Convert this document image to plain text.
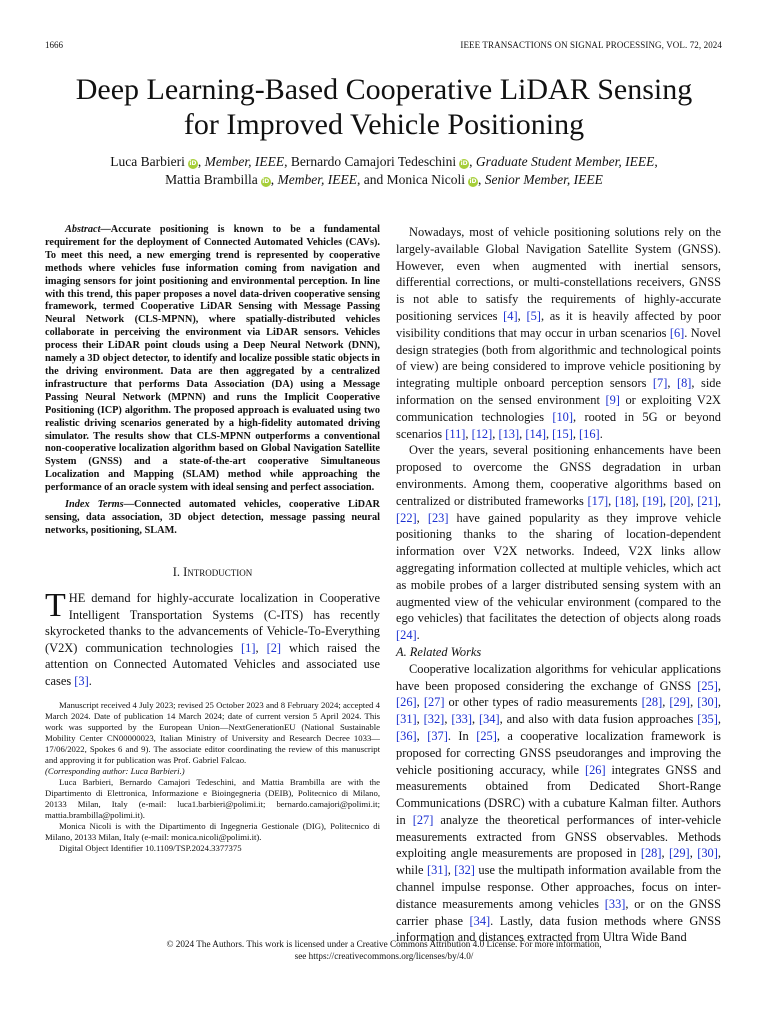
1666	IEEE TRANSACTIONS ON SIGNAL PROCESSING, VOL. 72, 2024
Deep Learning-Based Cooperative LiDAR Sensing
for Improved Vehicle Positioning
Luca Barbieri iD, Member, IEEE, Bernardo Camajori Tedeschini iD, Graduate Student Member, IEEE,
Mattia Brambilla iD, Member, IEEE, and Monica Nicoli iD, Senior Member, IEEE

Abstract—Accurate positioning is known to be a fundamental requirement for the deployment of Connected Automated Vehicles (CAVs). To meet this need, a new emerging trend is represented by cooperative methods where vehicles fuse information coming from navigation and imaging sensors for joint positioning and environmental perception. In line with this trend, this paper proposes a novel data-driven cooperative sensing framework, termed Cooperative LiDAR Sensing with Message Passing Neural Network (CLS-MPNN), where spatially-distributed vehicles collaborate in perceiving the environment via LiDAR sensors. Vehicles process their LiDAR point clouds using a Deep Neural Network (DNN), namely a 3D object detector, to identify and localize possible static objects in the driving environment. Data are then aggregated by a centralized infrastructure that performs Data Association (DA) using a Message Passing Neural Network (MPNN) and runs the Implicit Cooperative Positioning (ICP) algorithm. The proposed approach is evaluated using two realistic driving scenarios generated by a high-fidelity automated driving simulator. The results show that CLS-MPNN outperforms a conventional non-cooperative localization algorithm based on Global Navigation Satellite System (GNSS) and a state-of-the-art cooperative Simultaneous Localization and Mapping (SLAM) method while approaching the performance of an oracle system with ideal sensing and perfect association.

Index Terms—Connected automated vehicles, cooperative LiDAR sensing, data association, 3D object detection, message passing neural networks, positioning, SLAM.

I. Introduction

THE demand for highly-accurate localization in Cooperative Intelligent Transportation Systems (C-ITS) has recently skyrocketed thanks to the advancements of Vehicle-To-Everything (V2X) communication technologies [1], [2] which raised the attention on Connected Automated Vehicles and associated use cases [3].

Manuscript received 4 July 2023; revised 25 October 2023 and 8 February 2024; accepted 4 March 2024. Date of publication 14 March 2024; date of current version 5 April 2024. This work was supported by the European Union—NextGenerationEU (National Sustainable Mobility Center CN00000023, Italian Ministry of University and Research Decree 1033—17/06/2022, Spokes 6 and 9). The associate editor coordinating the review of this manuscript and approving it for publication was Prof. Gabriel Falcao.

(Corresponding author: Luca Barbieri.)

Luca Barbieri, Bernardo Camajori Tedeschini, and Mattia Brambilla are with the Dipartimento di Elettronica, Informazione e Bioingegneria (DEIB), Politecnico di Milano, 20133 Milan, Italy (e-mail: luca1.barbieri@polimi.it; bernardo.camajori@polimi.it; mattia.brambilla@polimi.it).

Monica Nicoli is with the Dipartimento di Ingegneria Gestionale (DIG), Politecnico di Milano, 20133 Milan, Italy (e-mail: monica.nicoli@polimi.it).

Digital Object Identifier 10.1109/TSP.2024.3377375

Nowadays, most of vehicle positioning solutions rely on the largely-available Global Navigation Satellite System (GNSS). However, even when augmented with inertial sensors, differential corrections, or multi-constellations receivers, GNSS is not able to satisfy the requirements of highly-accurate positioning services [4], [5], as it is heavily affected by poor visibility conditions that may occur in urban scenarios [6]. Novel design strategies (both from algorithmic and technological points of view) are being considered to improve vehicle positioning by integrating multiple onboard perception sensors [7], [8], side information on the sensed environment [9] or exploiting V2X communication technologies [10], rooted in 5G or beyond scenarios [11], [12], [13], [14], [15], [16].

Over the years, several positioning enhancements have been proposed to overcome the GNSS degradation in urban environments. Among them, cooperative algorithms based on centralized or distributed frameworks [17], [18], [19], [20], [21], [22], [23] have gained popularity as they improve vehicle positioning thanks to the sharing of location-dependent information over V2X networks. Indeed, V2X links allow aggregating information collected at multiple vehicles, which act as mobile probes of a larger distributed sensing system with an augmented view of the vehicular environment (compared to the ego vehicles) that facilitates the detection of objects along roads [24].

A. Related Works

Cooperative localization algorithms for vehicular applications have been proposed considering the exchange of GNSS [25], [26], [27] or other types of radio measurements [28], [29], [30], [31], [32], [33], [34], and also with data fusion approaches [35], [36], [37]. In [25], a cooperative localization framework is proposed for correcting GNSS pseudoranges and improving the vehicle positioning accuracy, while [26] integrates GNSS and measurements obtained from Dedicated Short-Range Communications (DSRC) with a cubature Kalman filter. Authors in [27] analyze the theoretical performances of inter-vehicle measurements extracted from GNSS observables. Methods exploiting angle measurements are proposed in [28], [29], [30], while [31], [32] use the multipath information available from the channel impulse response. Other approaches, focus on inter-distance measurements among vehicles [33], or on the GNSS carrier phase [34]. Lastly, data fusion methods where GNSS information and distances extracted from Ultra Wide Band

© 2024 The Authors. This work is licensed under a Creative Commons Attribution 4.0 License. For more information,
see https://creativecommons.org/licenses/by/4.0/
